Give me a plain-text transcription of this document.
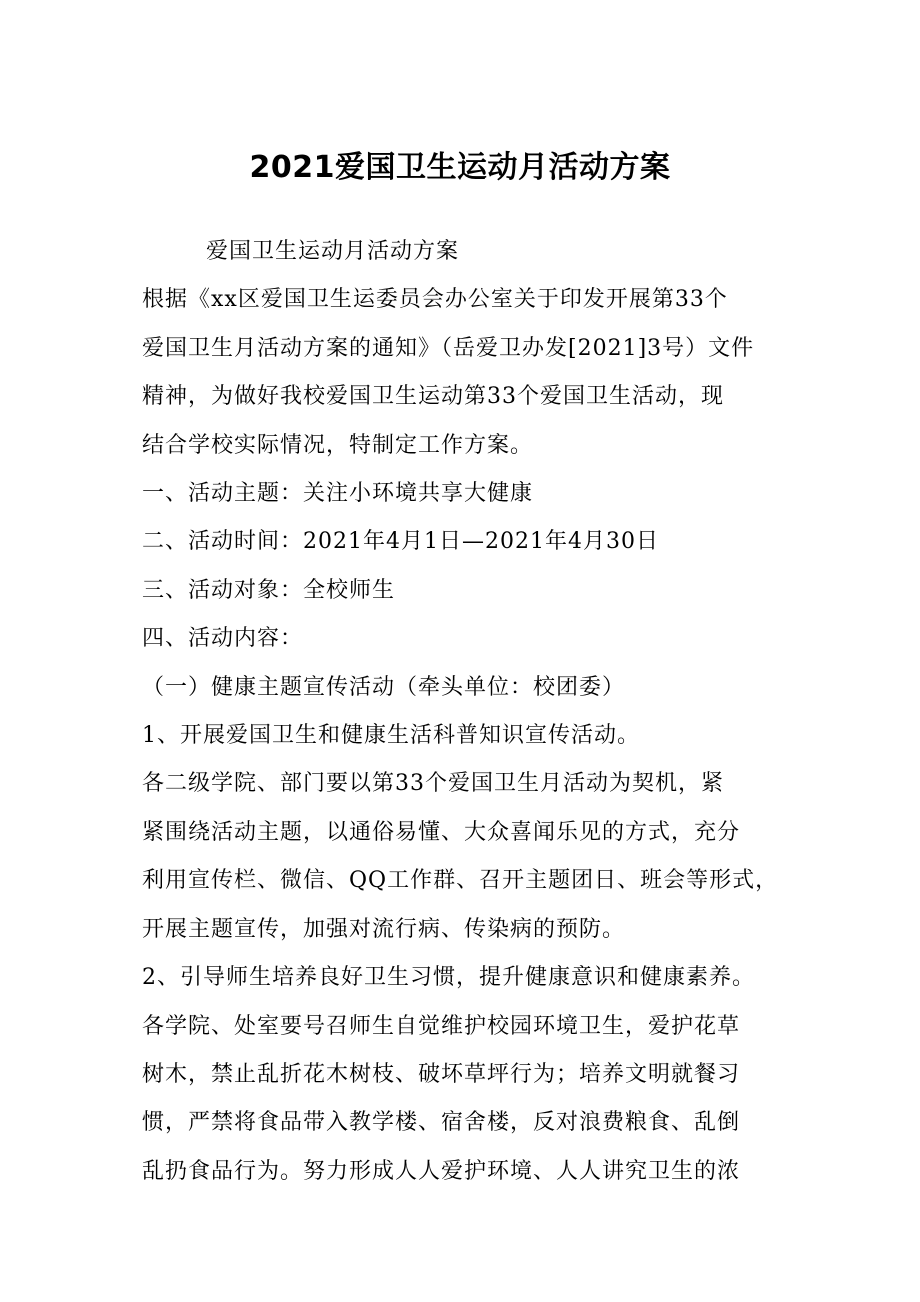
2021爱国卫生运动月活动方案

爱国卫生运动月活动方案

根据《xx区爱国卫生运委员会办公室关于印发开展第33个

爱国卫生月活动方案的通知》（岳爱卫办发[2021]3号）文件

精神，为做好我校爱国卫生运动第33个爱国卫生活动，现

结合学校实际情况，特制定工作方案。

一、活动主题：关注小环境共享大健康

二、活动时间：2021年4月1日—2021年4月30日

三、活动对象：全校师生

四、活动内容：

（一）健康主题宣传活动（牵头单位：校团委）

1、开展爱国卫生和健康生活科普知识宣传活动。

各二级学院、部门要以第33个爱国卫生月活动为契机，紧

紧围绕活动主题，以通俗易懂、大众喜闻乐见的方式，充分

利用宣传栏、微信、QQ工作群、召开主题团日、班会等形式，

开展主题宣传，加强对流行病、传染病的预防。

2、引导师生培养良好卫生习惯，提升健康意识和健康素养。

各学院、处室要号召师生自觉维护校园环境卫生，爱护花草

树木，禁止乱折花木树枝、破坏草坪行为；培养文明就餐习

惯，严禁将食品带入教学楼、宿舍楼，反对浪费粮食、乱倒

乱扔食品行为。努力形成人人爱护环境、人人讲究卫生的浓
